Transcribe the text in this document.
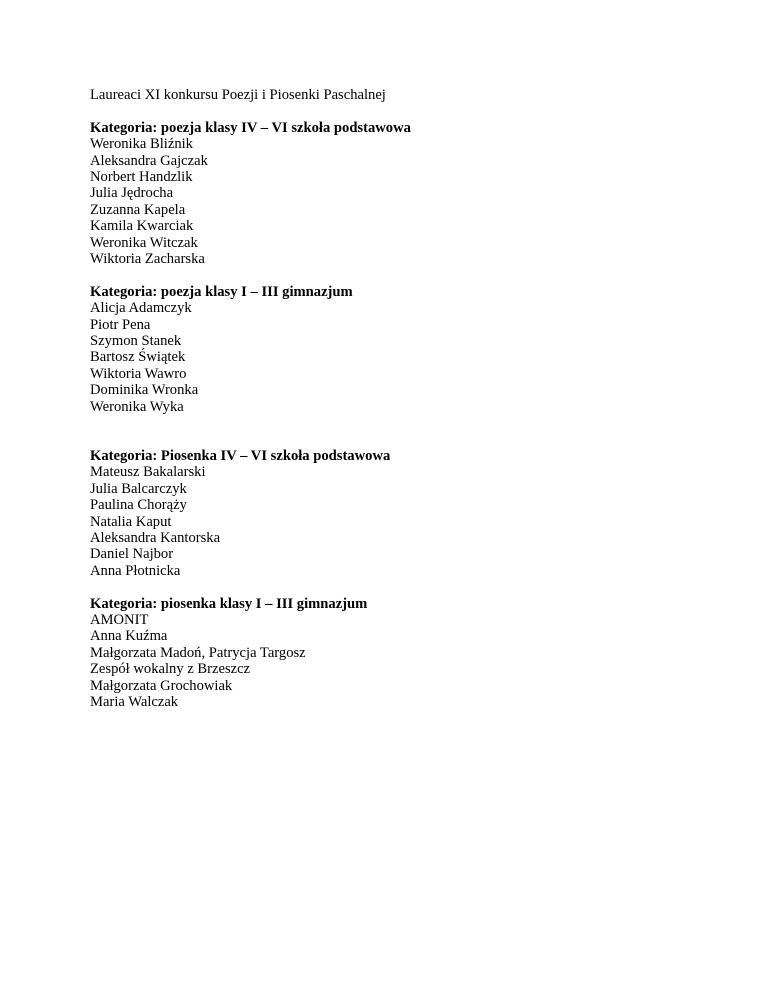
Laureaci XI konkursu Poezji i Piosenki Paschalnej

Kategoria: poezja klasy IV – VI szkoła podstawowa

Weronika Bliźnik
Aleksandra Gajczak
Norbert Handzlik
Julia Jędrocha
Zuzanna Kapela
Kamila Kwarciak
Weronika Witczak
Wiktoria Zacharska

Kategoria: poezja klasy I – III gimnazjum

Alicja Adamczyk
Piotr Pena
Szymon Stanek
Bartosz Świątek
Wiktoria Wawro
Dominika Wronka
Weronika Wyka

Kategoria: Piosenka IV – VI szkoła podstawowa

Mateusz Bakalarski
Julia Balcarczyk
Paulina Chorąży
Natalia Kaput
Aleksandra Kantorska
Daniel Najbor
Anna Płotnicka

Kategoria: piosenka klasy I – III gimnazjum

AMONIT
Anna Kuźma
Małgorzata Madoń, Patrycja Targosz
Zespół wokalny z Brzeszcz
Małgorzata Grochowiak
Maria Walczak
